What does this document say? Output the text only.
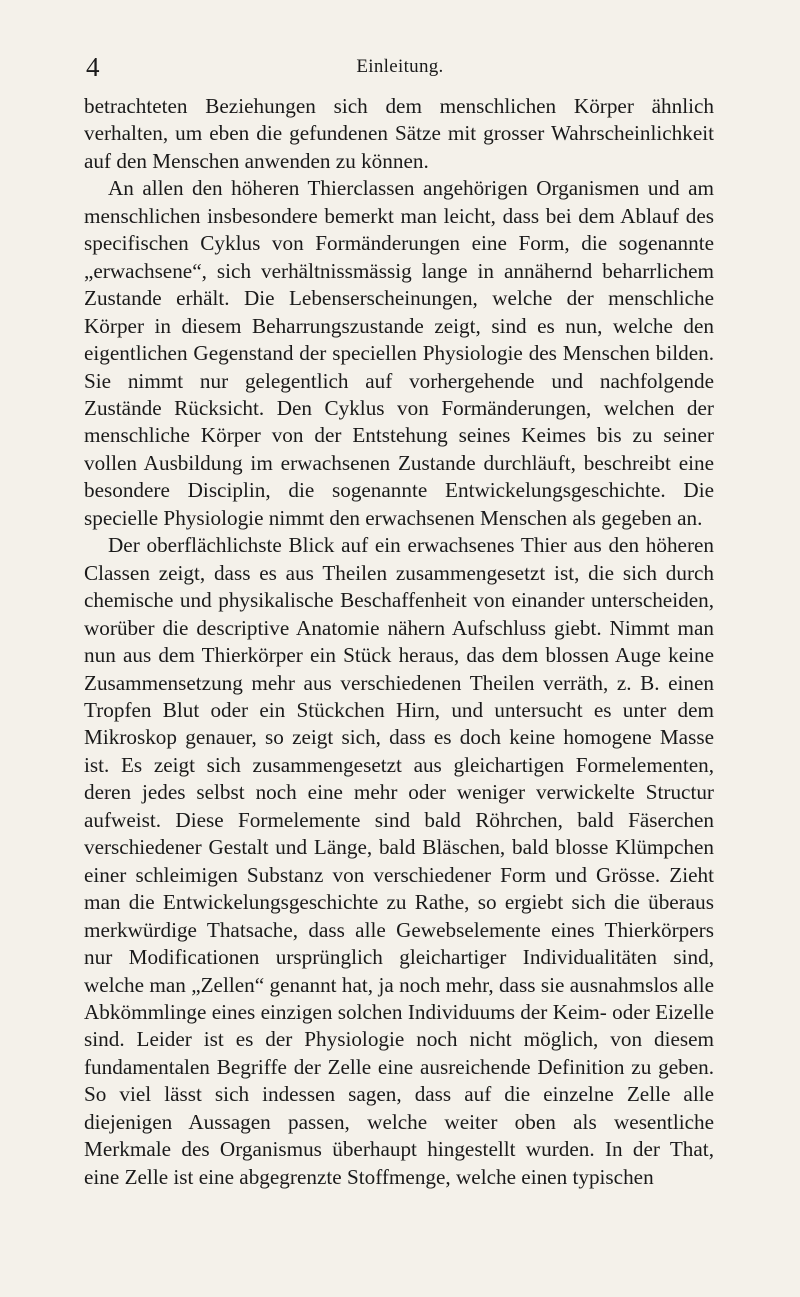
4	Einleitung.

betrachteten Beziehungen sich dem menschlichen Körper ähnlich verhalten, um eben die gefundenen Sätze mit grosser Wahrscheinlichkeit auf den Menschen anwenden zu können.

An allen den höheren Thierclassen angehörigen Organismen und am menschlichen insbesondere bemerkt man leicht, dass bei dem Ablauf des specifischen Cyklus von Formänderungen eine Form, die sogenannte „erwachsene“, sich verhältnissmässig lange in annähernd beharrlichem Zustande erhält. Die Lebenserscheinungen, welche der menschliche Körper in diesem Beharrungszustande zeigt, sind es nun, welche den eigentlichen Gegenstand der speciellen Physiologie des Menschen bilden. Sie nimmt nur gelegentlich auf vorhergehende und nachfolgende Zustände Rücksicht. Den Cyklus von Formänderungen, welchen der menschliche Körper von der Entstehung seines Keimes bis zu seiner vollen Ausbildung im erwachsenen Zustande durchläuft, beschreibt eine besondere Disciplin, die sogenannte Entwickelungsgeschichte. Die specielle Physiologie nimmt den erwachsenen Menschen als gegeben an.

Der oberflächlichste Blick auf ein erwachsenes Thier aus den höheren Classen zeigt, dass es aus Theilen zusammengesetzt ist, die sich durch chemische und physikalische Beschaffenheit von einander unterscheiden, worüber die descriptive Anatomie nähern Aufschluss giebt. Nimmt man nun aus dem Thierkörper ein Stück heraus, das dem blossen Auge keine Zusammensetzung mehr aus verschiedenen Theilen verräth, z. B. einen Tropfen Blut oder ein Stückchen Hirn, und untersucht es unter dem Mikroskop genauer, so zeigt sich, dass es doch keine homogene Masse ist. Es zeigt sich zusammengesetzt aus gleichartigen Formelementen, deren jedes selbst noch eine mehr oder weniger verwickelte Structur aufweist. Diese Formelemente sind bald Röhrchen, bald Fäserchen verschiedener Gestalt und Länge, bald Bläschen, bald blosse Klümpchen einer schleimigen Substanz von verschiedener Form und Grösse. Zieht man die Entwickelungsgeschichte zu Rathe, so ergiebt sich die überaus merkwürdige Thatsache, dass alle Gewebselemente eines Thierkörpers nur Modificationen ursprünglich gleichartiger Individualitäten sind, welche man „Zellen“ genannt hat, ja noch mehr, dass sie ausnahmslos alle Abkömmlinge eines einzigen solchen Individuums der Keim- oder Eizelle sind. Leider ist es der Physiologie noch nicht möglich, von diesem fundamentalen Begriffe der Zelle eine ausreichende Definition zu geben. So viel lässt sich indessen sagen, dass auf die einzelne Zelle alle diejenigen Aussagen passen, welche weiter oben als wesentliche Merkmale des Organismus überhaupt hingestellt wurden. In der That, eine Zelle ist eine abgegrenzte Stoffmenge, welche einen typischen
